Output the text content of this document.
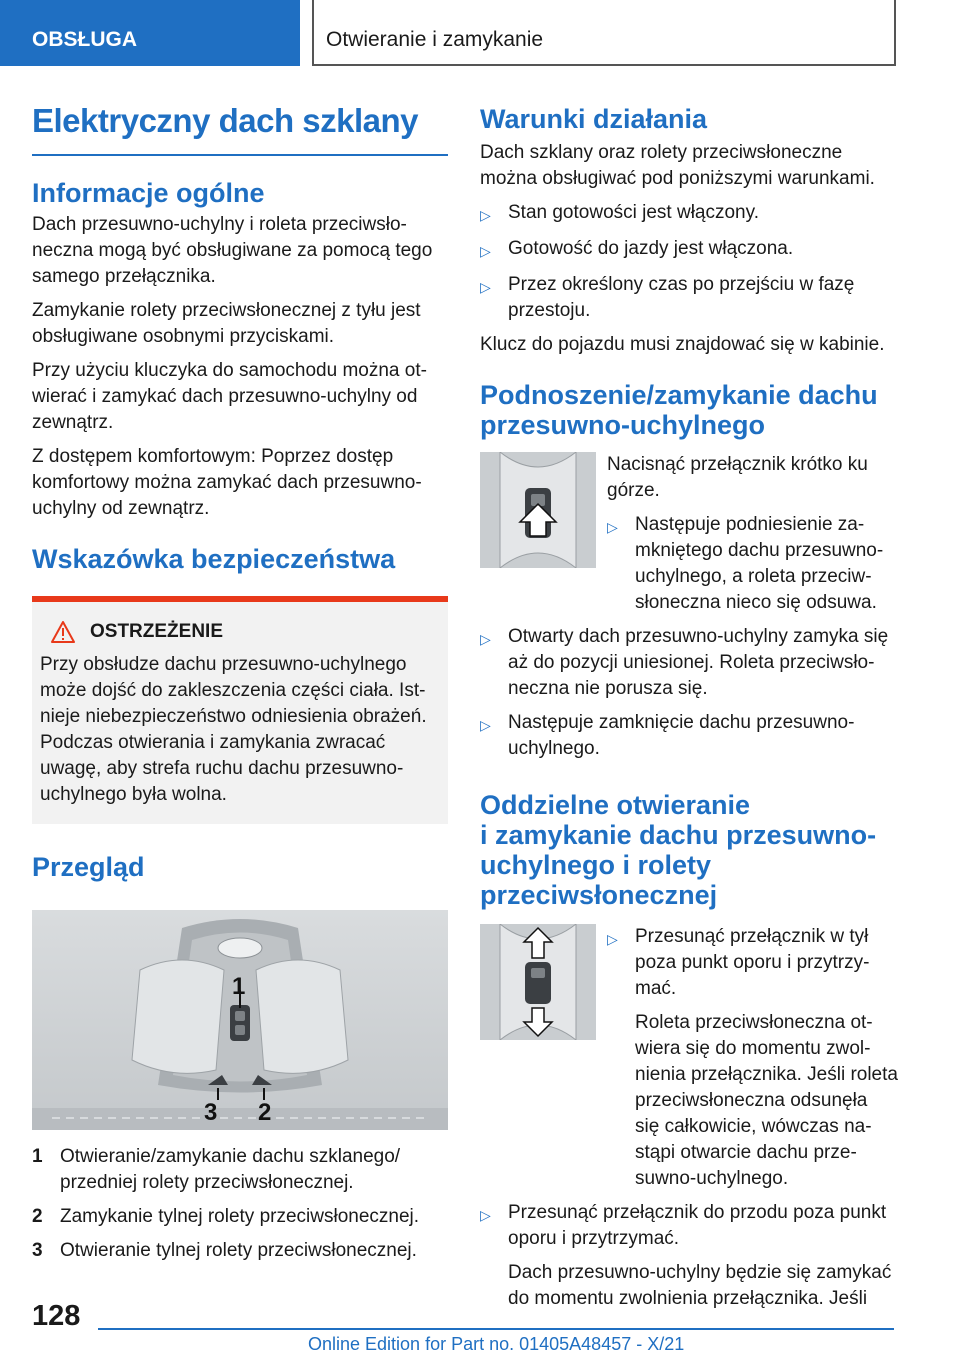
OBSŁUGA	Otwieranie i zamykanie
Elektryczny dach szklany
Informacje ogólne

Dach przesuwno-uchylny i roleta przeciwsło-
neczna mogą być obsługiwane za pomocą tego
samego przełącznika.

Zamykanie rolety przeciwsłonecznej z tyłu jest
obsługiwane osobnymi przyciskami.

Przy użyciu kluczyka do samochodu można ot-
wierać i zamykać dach przesuwno-uchylny od
zewnątrz.

Z dostępem komfortowym: Poprzez dostęp
komfortowy można zamykać dach przesuwno-
uchylny od zewnątrz.

Wskazówka bezpieczeństwa
OSTRZEŻENIE

Przy obsłudze dachu przesuwno-uchylnego
może dojść do zakleszczenia części ciała. Ist-
nieje niebezpieczeństwo odniesienia obrażeń.
Podczas otwierania i zamykania zwracać
uwagę, aby strefa ruchu dachu przesuwno-
uchylnego była wolna.

Przegląd
1
3 2
1 Otwieranie/zamykanie dachu szklanego/
przedniej rolety przeciwsłonecznej.
2 Zamykanie tylnej rolety przeciwsłonecznej.
3 Otwieranie tylnej rolety przeciwsłonecznej.
Warunki działania

Dach szklany oraz rolety przeciwsłoneczne
można obsługiwać pod poniższymi warunkami.

▷ Stan gotowości jest włączony.
▷ Gotowość do jazdy jest włączona.
▷ Przez określony czas po przejściu w fazę
przestoju.

Klucz do pojazdu musi znajdować się w kabinie.

Podnoszenie/zamykanie dachu
przesuwno-uchylnego

Nacisnąć przełącznik krótko ku
górze.

▷ Następuje podniesienie za-
mkniętego dachu przesuwno-
uchylnego, a roleta przeciw-
słoneczna nieco się odsuwa.
▷ Otwarty dach przesuwno-uchylny zamyka się
aż do pozycji uniesionej. Roleta przeciwsło-
neczna nie porusza się.
▷ Następuje zamknięcie dachu przesuwno-
uchylnego.
Oddzielne otwieranie
i zamykanie dachu przesuwno-
uchylnego i rolety
przeciwsłonecznej
▷ Przesunąć przełącznik w tył
poza punkt oporu i przytrzy-
mać.

Roleta przeciwsłoneczna ot-
wiera się do momentu zwol-
nienia przełącznika. Jeśli roleta
przeciwsłoneczna odsunęła
się całkowicie, wówczas na-
stąpi otwarcie dachu prze-
suwno-uchylnego.

▷ Przesunąć przełącznik do przodu poza punkt
oporu i przytrzymać.

Dach przesuwno-uchylny będzie się zamykać
do momentu zwolnienia przełącznika. Jeśli

128
Online Edition for Part no. 01405A48457 - X/21
